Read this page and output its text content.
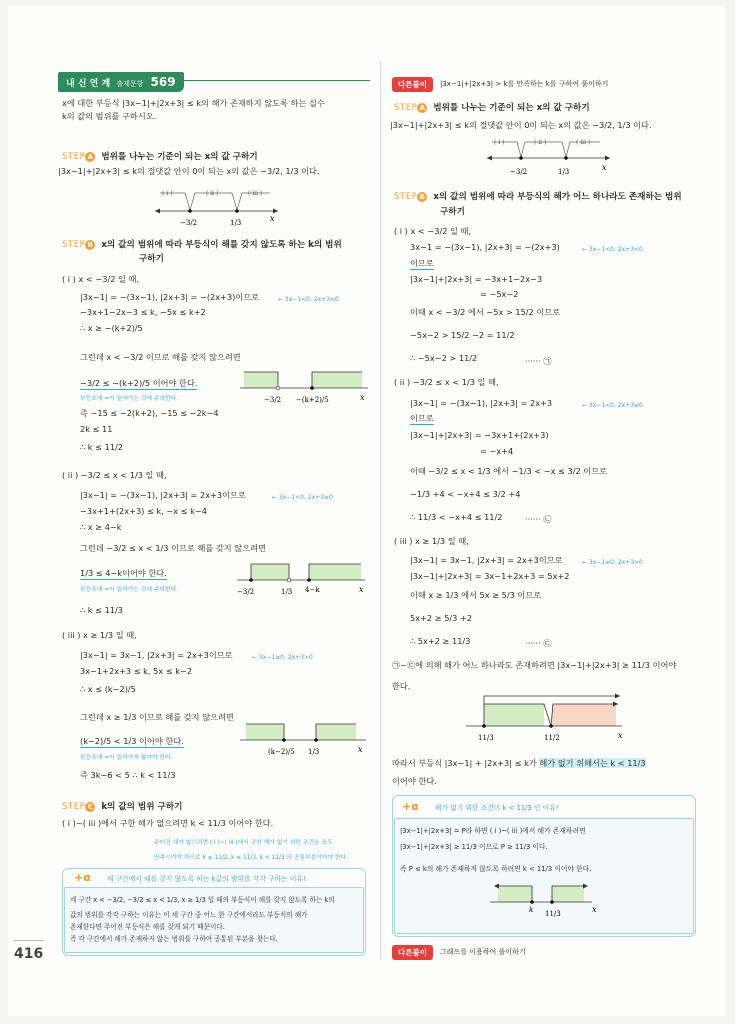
내 신 연 계 출제문항 569
x에 대한 부등식 |3x−1|+|2x+3| ≤ k의 해가 존재하지 않도록 하는 실수
k의 값의 범위를 구하시오.
STEP A 범위를 나누는 기준이 되는 x의 값 구하기
|3x−1|+|2x+3| ≤ k의 절댓값 안이 0이 되는 x의 값은 −3/2, 1/3 이다.
( i )	( ii )	( iii )
−3/2	1/3	x
STEP B x의 값의 범위에 따라 부등식이 해를 갖지 않도록 하는 k의 범위
구하기
( i ) x < −3/2 일 때,
|3x−1| = −(3x−1), |2x+3| = −(2x+3)이므로	← 3x−1<0, 2x+3<0
−3x+1−2x−3 ≤ k, −5x ≤ k+2
∴ x ≥ −(k+2)/5
그런데 x < −3/2 이므로 해를 갖지 않으려면
−3/2 ≤ −(k+2)/5 이어야 한다.
부등호에 =이 들어가는 것에 주의한다.
즉 −15 ≤ −2(k+2), −15 ≤ −2k−4
2k ≤ 11
∴ k ≤ 11/2
−3/2 −(k+2)/5	x
( ii ) −3/2 ≤ x < 1/3 일 때,
|3x−1| = −(3x−1), |2x+3| = 2x+3이므로	← 3x−1<0, 2x+3≥0
−3x+1+(2x+3) ≤ k, −x ≤ k−4
∴ x ≥ 4−k
그런데 −3/2 ≤ x < 1/3 이므로 해를 갖지 않으려면
1/3 ≤ 4−k이어야 한다.
부등호에 =이 들어가는 것에 주의한다.
∴ k ≤ 11/3
−3/2	1/3 4−k	x
( iii ) x ≥ 1/3 일 때,
|3x−1| = 3x−1, |2x+3| = 2x+3이므로	← 3x−1≥0, 2x+3>0
3x−1+2x+3 ≤ k, 5x ≤ k−2
∴ x ≤ (k−2)/5
그런데 x ≥ 1/3 이므로 해를 갖지 않으려면
(k−2)/5 < 1/3 이어야 한다.
부등호에 =이 들어가지 않아야 한다.
즉 3k−6 < 5 ∴ k < 11/3
(k−2)/5 1/3	x
STEP C k의 값의 범위 구하기
( i )~( iii )에서 구한 해가 없으려면 k < 11/3 이어야 한다.
주어진 해가 없으려면 ( i )~( iii )에서 구한 해가 없기 위한 조건을 모두
만족시켜야 하므로 k ≤ 11/2, k ≤ 11/3, k < 11/3 의 공통부분이어야 한다.
+α 세 구간에서 해를 갖지 않도록 하는 k값의 범위를 각각 구하는 이유!
세 구간 x < −3/2, −3/2 ≤ x < 1/3, x ≥ 1/3 일 때의 부등식이 해를 갖지 않도록 하는 k의
값의 범위를 각각 구하는 이유는 이 세 구간 중 어느 한 구간에서라도 부등식의 해가
존재한다면 주어진 부등식은 해를 갖게 되기 때문이다.
즉 각 구간에서 해가 존재하지 않는 범위를 구하여 공통된 부분을 찾는다.
416
다른풀이	|3x−1|+|2x+3| > k를 만족하는 k를 구하여 풀이하기
STEP A 범위를 나누는 기준이 되는 x의 값 구하기
|3x−1|+|2x+3| ≤ k의 절댓값 안이 0이 되는 x의 값은 −3/2, 1/3 이다.
( i )	( ii )	( iii )
−3/2	1/3	x
STEP B x의 값의 범위에 따라 부등식의 해가 어느 하나라도 존재하는 범위
구하기
( i ) x < −3/2 일 때,
3x−1 = −(3x−1), |2x+3| = −(2x+3)	← 3x−1<0, 2x+3<0
이므로
|3x−1|+|2x+3| = −3x+1−2x−3
= −5x−2
이때 x < −3/2 에서 −5x > 15/2 이므로
−5x−2 > 15/2 −2 = 11/2
∴ −5x−2 > 11/2	······ ㉠
( ii ) −3/2 ≤ x < 1/3 일 때,
|3x−1| = −(3x−1), |2x+3| = 2x+3	← 3x−1<0, 2x+3≥0
이므로
|3x−1|+|2x+3| = −3x+1+(2x+3)
= −x+4
이때 −3/2 ≤ x < 1/3 에서 −1/3 < −x ≤ 3/2 이므로
−1/3 +4 < −x+4 ≤ 3/2 +4
∴ 11/3 < −x+4 ≤ 11/2	······ ㉡
( iii ) x ≥ 1/3 일 때,
|3x−1| = 3x−1, |2x+3| = 2x+3이므로	← 3x−1≥0, 2x+3>0
|3x−1|+|2x+3| = 3x−1+2x+3 = 5x+2
이때 x ≥ 1/3 에서 5x ≥ 5/3 이므로
5x+2 ≥ 5/3 +2
∴ 5x+2 ≥ 11/3	······ ㉢
㉠~㉢에 의해 해가 어느 하나라도 존재하려면 |3x−1|+|2x+3| ≥ 11/3 이어야
한다.
11/3	11/2	x
따라서 부등식 |3x−1| + |2x+3| ≤ k가 해가 없기 위해서는 k < 11/3
이어야 한다.
+α 해가 없기 위한 조건이 k < 11/3 인 이유!
|3x−1|+|2x+3| = P라 하면 ( i )~( iii )에서 해가 존재하려면
|3x−1|+|2x+3| ≥ 11/3 이므로 P ≥ 11/3 이다.
즉 P ≤ k의 해가 존재하지 않도록 하려면 k < 11/3 이어야 한다.
k 11/3	x
다른풀이	그래프를 이용하여 풀이하기
